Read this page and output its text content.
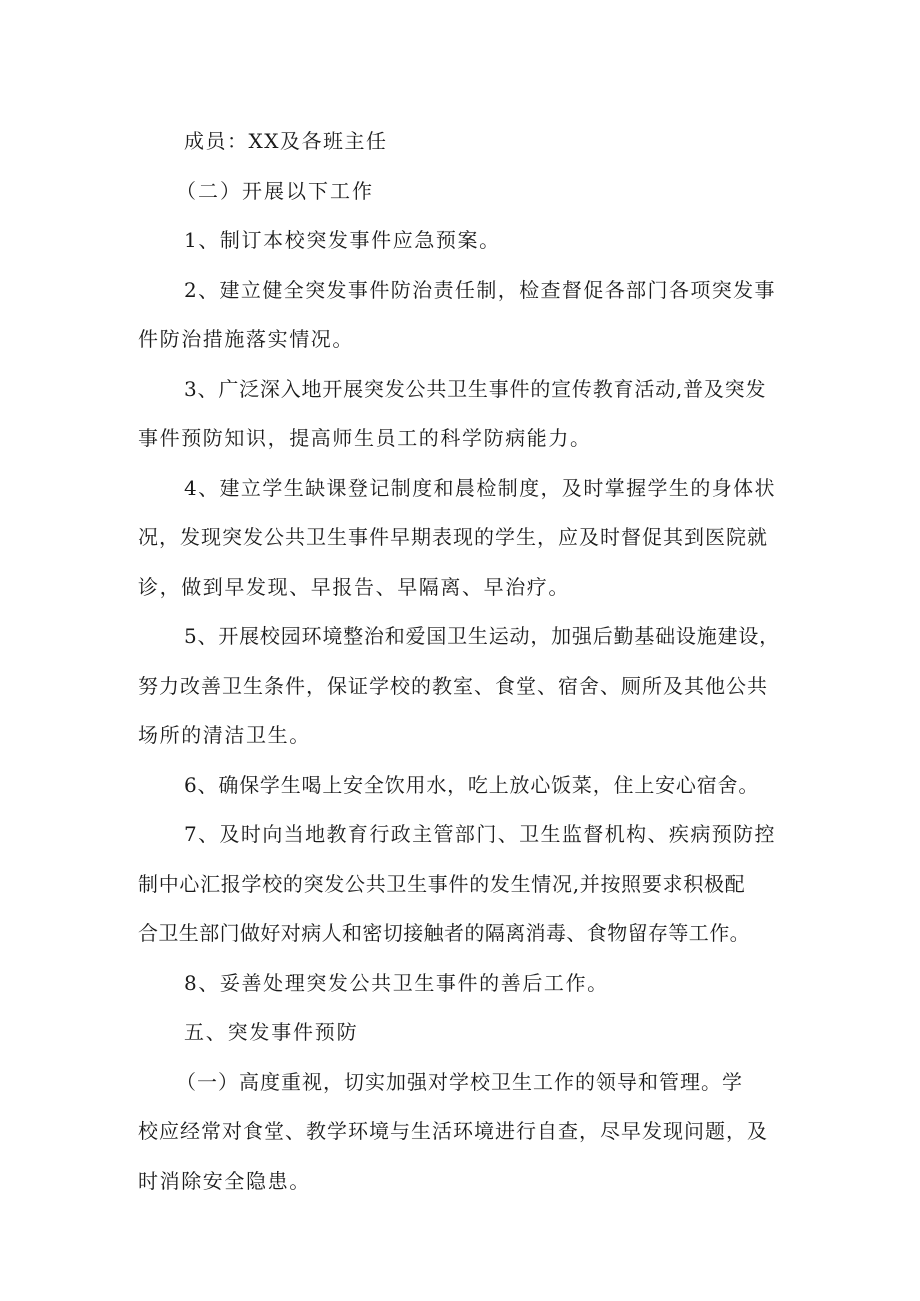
成员：XX及各班主任
（二）开展以下工作
1、制订本校突发事件应急预案。
2、建立健全突发事件防治责任制，检查督促各部门各项突发事
件防治措施落实情况。
3、广泛深入地开展突发公共卫生事件的宣传教育活动,普及突发
事件预防知识，提高师生员工的科学防病能力。
4、建立学生缺课登记制度和晨检制度，及时掌握学生的身体状
况，发现突发公共卫生事件早期表现的学生，应及时督促其到医院就
诊，做到早发现、早报告、早隔离、早治疗。
5、开展校园环境整治和爱国卫生运动，加强后勤基础设施建设，
努力改善卫生条件，保证学校的教室、食堂、宿舍、厕所及其他公共
场所的清洁卫生。
6、确保学生喝上安全饮用水，吃上放心饭菜，住上安心宿舍。
7、及时向当地教育行政主管部门、卫生监督机构、疾病预防控
制中心汇报学校的突发公共卫生事件的发生情况,并按照要求积极配
合卫生部门做好对病人和密切接触者的隔离消毒、食物留存等工作。
8、妥善处理突发公共卫生事件的善后工作。
五、突发事件预防
（一）高度重视，切实加强对学校卫生工作的领导和管理。学
校应经常对食堂、教学环境与生活环境进行自查，尽早发现问题，及
时消除安全隐患。
